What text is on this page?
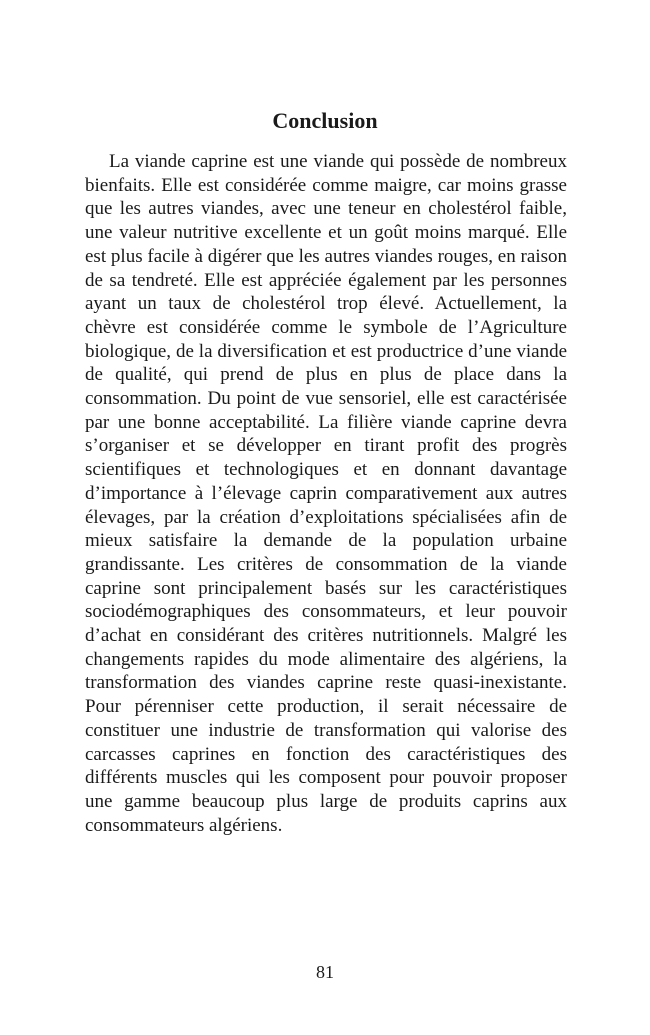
Conclusion

La viande caprine est une viande qui possède de nombreux bienfaits. Elle est considérée comme maigre, car moins grasse que les autres viandes, avec une teneur en cholestérol faible, une valeur nutritive excellente et un goût moins marqué. Elle est plus facile à digérer que les autres viandes rouges, en raison de sa tendreté. Elle est appréciée également par les personnes ayant un taux de cholestérol trop élevé. Actuellement, la chèvre est considérée comme le symbole de l’Agriculture biologique, de la diversification et est productrice d’une viande de qualité, qui prend de plus en plus de place dans la consommation. Du point de vue sensoriel, elle est caractérisée par une bonne acceptabilité. La filière viande caprine devra s’organiser et se développer en tirant profit des progrès scientifiques et technologiques et en donnant davantage d’importance à l’élevage caprin comparativement aux autres élevages, par la création d’exploitations spécialisées afin de mieux satisfaire la demande de la population urbaine grandissante. Les critères de consommation de la viande caprine sont principalement basés sur les caractéristiques sociodémographiques des consommateurs, et leur pouvoir d’achat en considérant des critères nutritionnels. Malgré les changements rapides du mode alimentaire des algériens, la transformation des viandes caprine reste quasi-inexistante. Pour pérenniser cette production, il serait nécessaire de constituer une industrie de transformation qui valorise des carcasses caprines en fonction des caractéristiques des différents muscles qui les composent pour pouvoir proposer une gamme beaucoup plus large de produits caprins aux consommateurs algériens.

81
